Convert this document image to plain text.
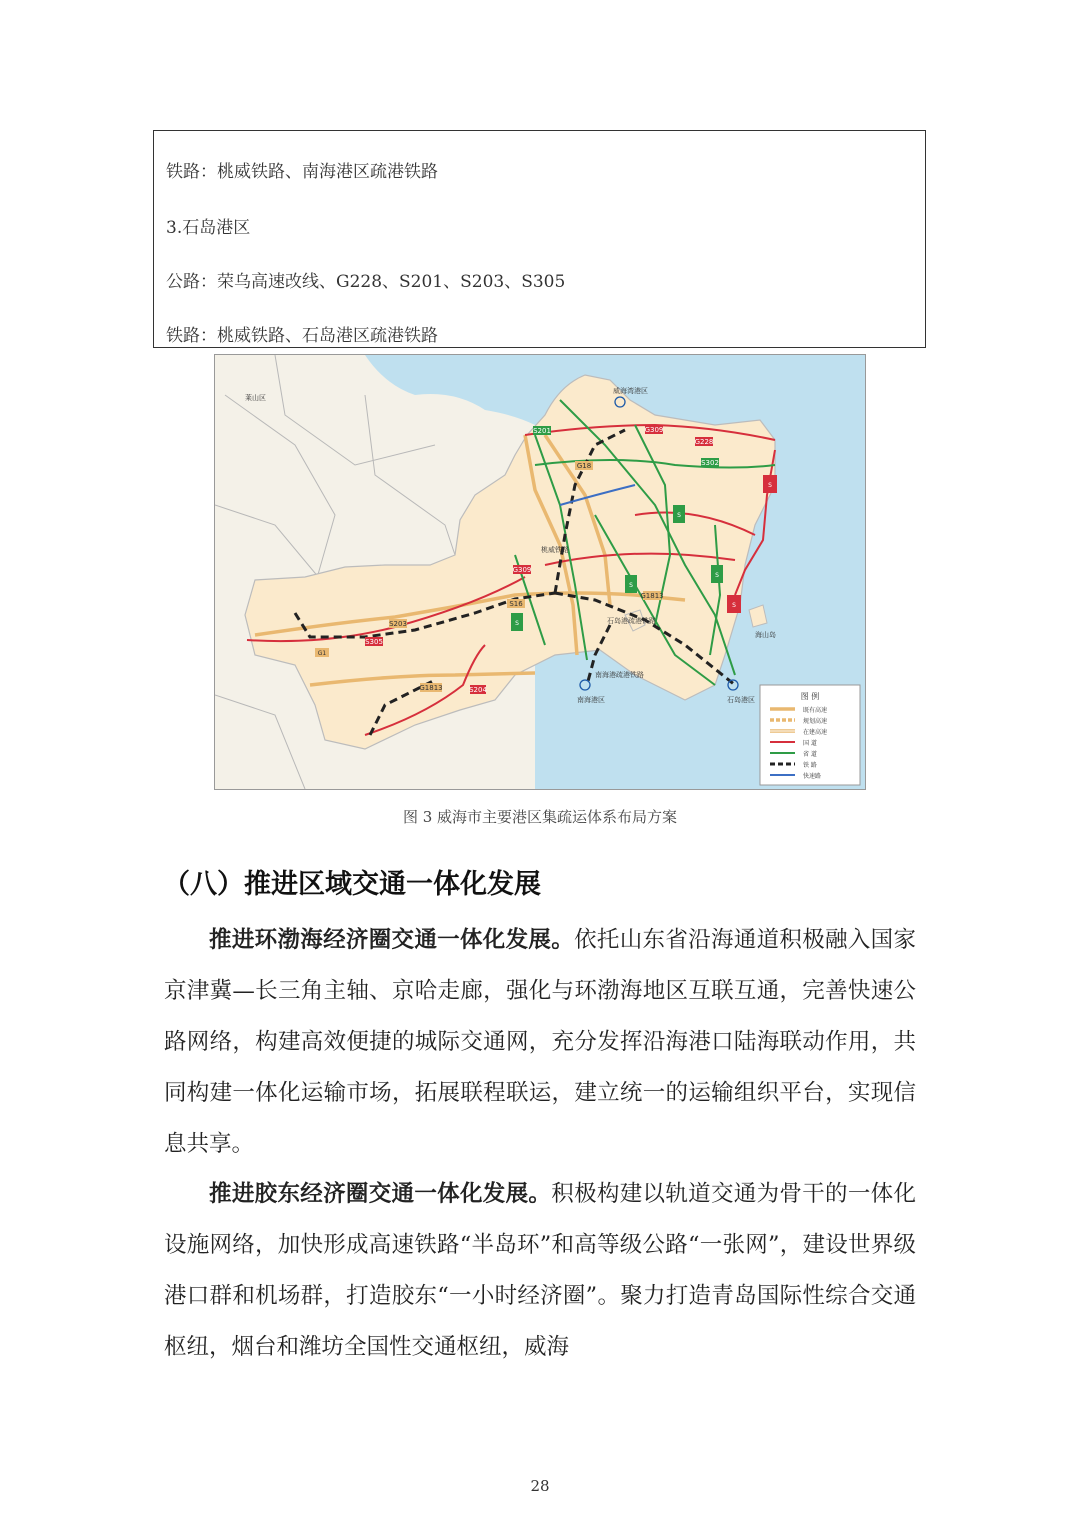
铁路：桃威铁路、南海港区疏港铁路
3.石岛港区
公路：荣乌高速改线、G228、S201、S203、S305
铁路：桃威铁路、石岛港区疏港铁路
S201
G18
G309
G228
S
S302
S16
G309
S305
S203
G1
G1813	S204
G1813
S
S
S
S
S
威海湾港区
南海港区	石岛港区
桃威铁路
石岛港疏港铁路
南海港疏港铁路
海山岛
莱山区
图 例
既有高速
规划高速
在建高速
国 道
省 道
铁 路
快速路
图 3 威海市主要港区集疏运体系布局方案
（八）推进区域交通一体化发展
推进环渤海经济圈交通一体化发展。依托山东省沿海通道积极融入国家京津冀—长三角主轴、京哈走廊，强化与环渤海地区互联互通，完善快速公路网络，构建高效便捷的城际交通网，充分发挥沿海港口陆海联动作用，共同构建一体化运输市场，拓展联程联运，建立统一的运输组织平台，实现信息共享。
推进胶东经济圈交通一体化发展。积极构建以轨道交通为骨干的一体化设施网络，加快形成高速铁路“半岛环”和高等级公路“一张网”，建设世界级港口群和机场群，打造胶东“一小时经济圈”。聚力打造青岛国际性综合交通枢纽，烟台和潍坊全国性交通枢纽，威海
28
